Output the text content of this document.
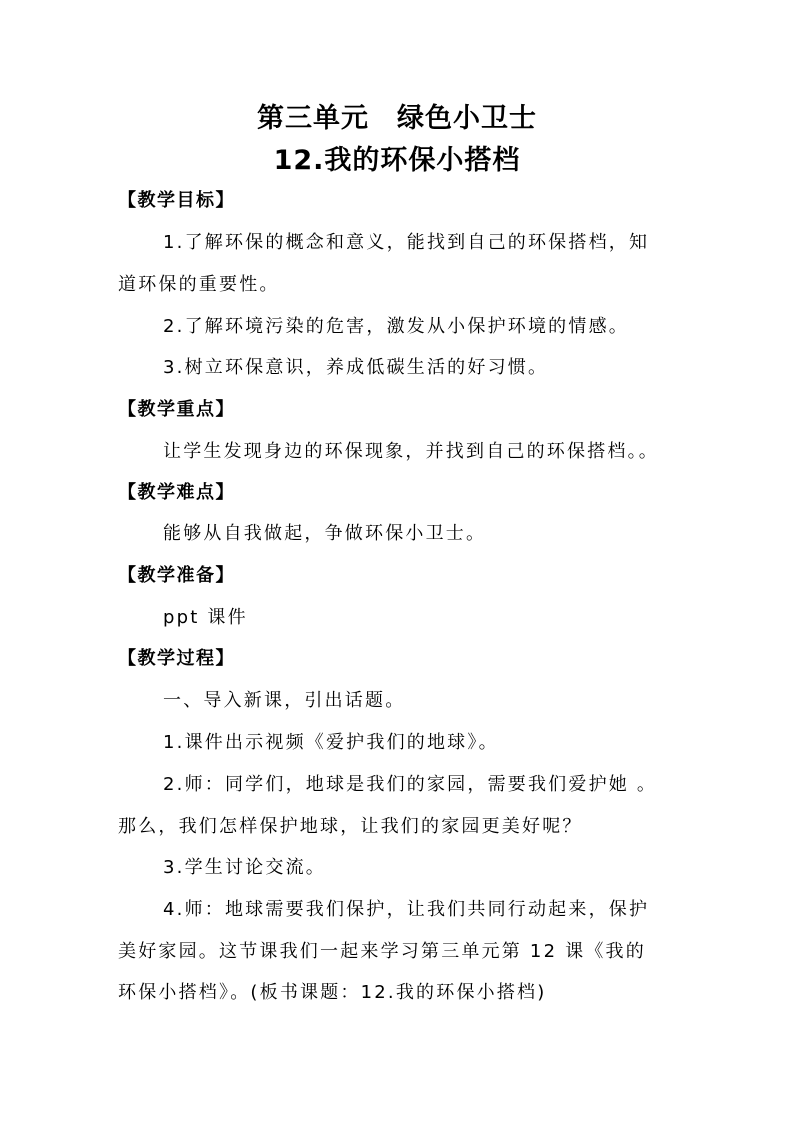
第三单元 绿色小卫士
12.我的环保小搭档
【教学目标】
1.了解环保的概念和意义，能找到自己的环保搭档，知
道环保的重要性。
2.了解环境污染的危害，激发从小保护环境的情感。
3.树立环保意识，养成低碳生活的好习惯。
【教学重点】
让学生发现身边的环保现象，并找到自己的环保搭档。。
【教学难点】
能够从自我做起，争做环保小卫士。
【教学准备】
ppt 课件
【教学过程】
一、导入新课，引出话题。
1.课件出示视频《爱护我们的地球》。
2.师：同学们，地球是我们的家园，需要我们爱护她 。
那么，我们怎样保护地球，让我们的家园更美好呢？
3.学生讨论交流。
4.师：地球需要我们保护，让我们共同行动起来，保护
美好家园。这节课我们一起来学习第三单元第 12 课《我的
环保小搭档》。(板书课题：12.我的环保小搭档)
